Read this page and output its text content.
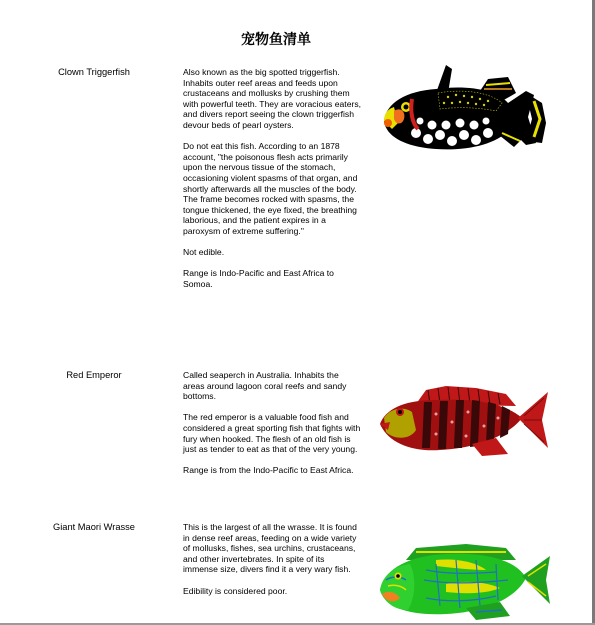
宠物鱼清单
Clown Triggerfish	Also known as the big spotted triggerfish. Inhabits outer reef areas and feeds upon crustaceans and mollusks by crushing them with powerful teeth. They are voracious eaters, and divers report seeing the clown triggerfish devour beds of pearl oysters.

Do not eat this fish. According to an 1878 account, "the poisonous flesh acts primarily upon the nervous tissue of the stomach, occasioning violent spasms of that organ, and shortly afterwards all the muscles of the body. The frame becomes rocked with spasms, the tongue thickened, the eye fixed, the breathing laborious, and the patient expires in a paroxysm of extreme suffering."

Not edible.

Range is Indo-Pacific and East Africa to Somoa.

Red Emperor	Called seaperch in Australia. Inhabits the areas around lagoon coral reefs and sandy bottoms.

The red emperor is a valuable food fish and considered a great sporting fish that fights with fury when hooked. The flesh of an old fish is just as tender to eat as that of the very young.

Range is from the Indo-Pacific to East Africa.

Giant Maori Wrasse	This is the largest of all the wrasse. It is found in dense reef areas, feeding on a wide variety of mollusks, fishes, sea urchins, crustaceans, and other invertebrates. In spite of its immense size, divers find it a very wary fish.

Edibility is considered poor.
